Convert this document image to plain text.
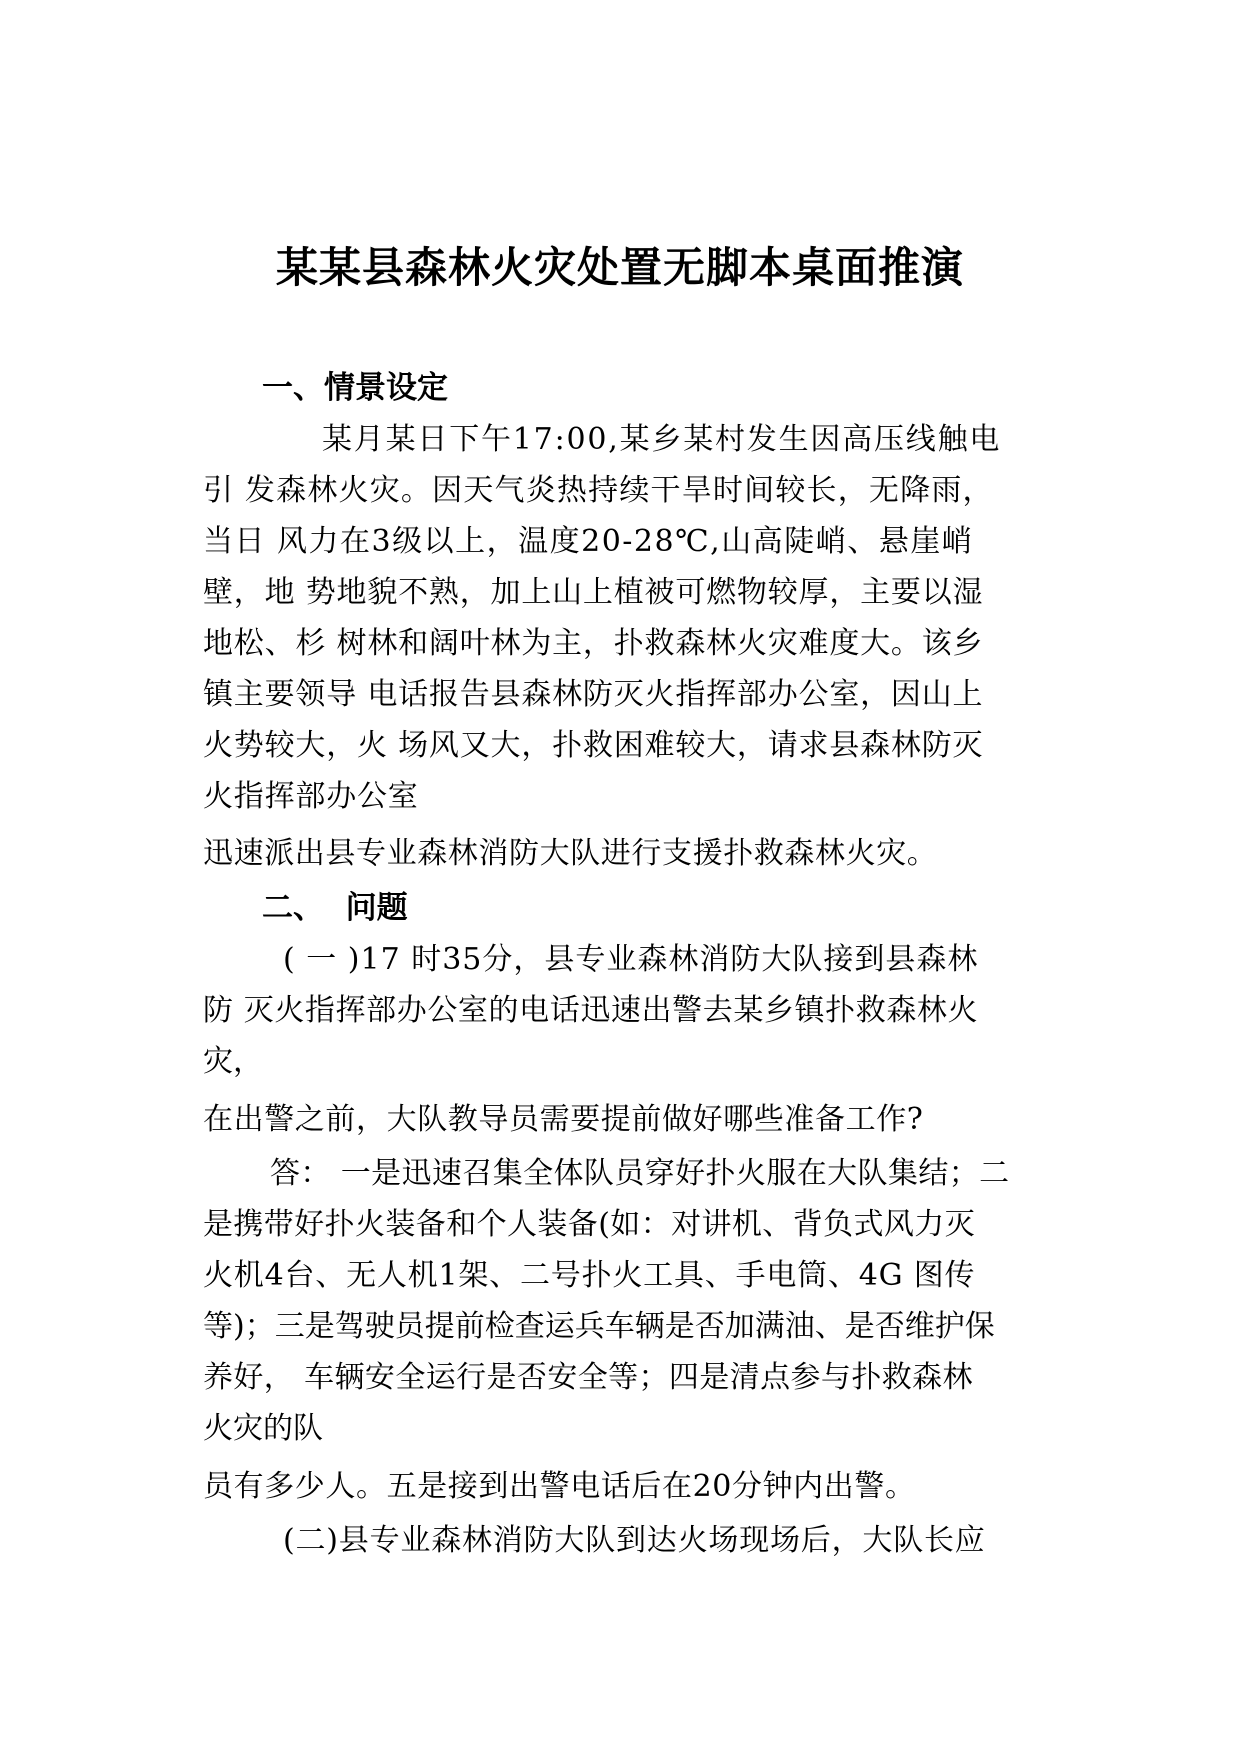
某某县森林火灾处置无脚本桌面推演
一、情景设定
某月某日下午17:00,某乡某村发生因高压线触电
引 发森林火灾。因天气炎热持续干旱时间较长，无降雨，
当日 风力在3级以上，温度20-28℃,山高陡峭、悬崖峭
壁，地 势地貌不熟，加上山上植被可燃物较厚，主要以湿
地松、杉 树林和阔叶林为主，扑救森林火灾难度大。该乡
镇主要领导 电话报告县森林防灭火指挥部办公室，因山上
火势较大，火 场风又大，扑救困难较大，请求县森林防灭
火指挥部办公室
迅速派出县专业森林消防大队进行支援扑救森林火灾。
二、  问题
( 一 )17 时35分，县专业森林消防大队接到县森林
防 灭火指挥部办公室的电话迅速出警去某乡镇扑救森林火
灾，
在出警之前，大队教导员需要提前做好哪些准备工作?
答： 一是迅速召集全体队员穿好扑火服在大队集结；二
是携带好扑火装备和个人装备(如：对讲机、背负式风力灭
火机4台、无人机1架、二号扑火工具、手电筒、4G 图传
等)；三是驾驶员提前检查运兵车辆是否加满油、是否维护保
养好， 车辆安全运行是否安全等；四是清点参与扑救森林
火灾的队
员有多少人。五是接到出警电话后在20分钟内出警。
(二)县专业森林消防大队到达火场现场后，大队长应
